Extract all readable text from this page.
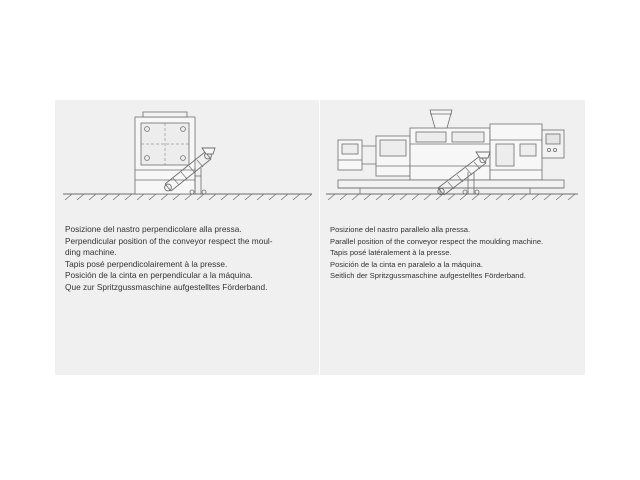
Posizione del nastro perpendicolare alla pressa.
Perpendicular position of the conveyor respect the moul-
ding machine.
Tapis posé perpendicolairement à la presse.
Posición de la cinta en perpendicular a la máquina.
Que zur Spritzgussmaschine aufgestelltes Förderband.
Posizione del nastro parallelo alla pressa.
Parallel position of the conveyor respect the moulding machine.
Tapis posé latéralement à la presse.
Posición de la cinta en paralelo a la máquina.
Seitlich der Spritzgussmaschine aufgestelltes Förderband.
